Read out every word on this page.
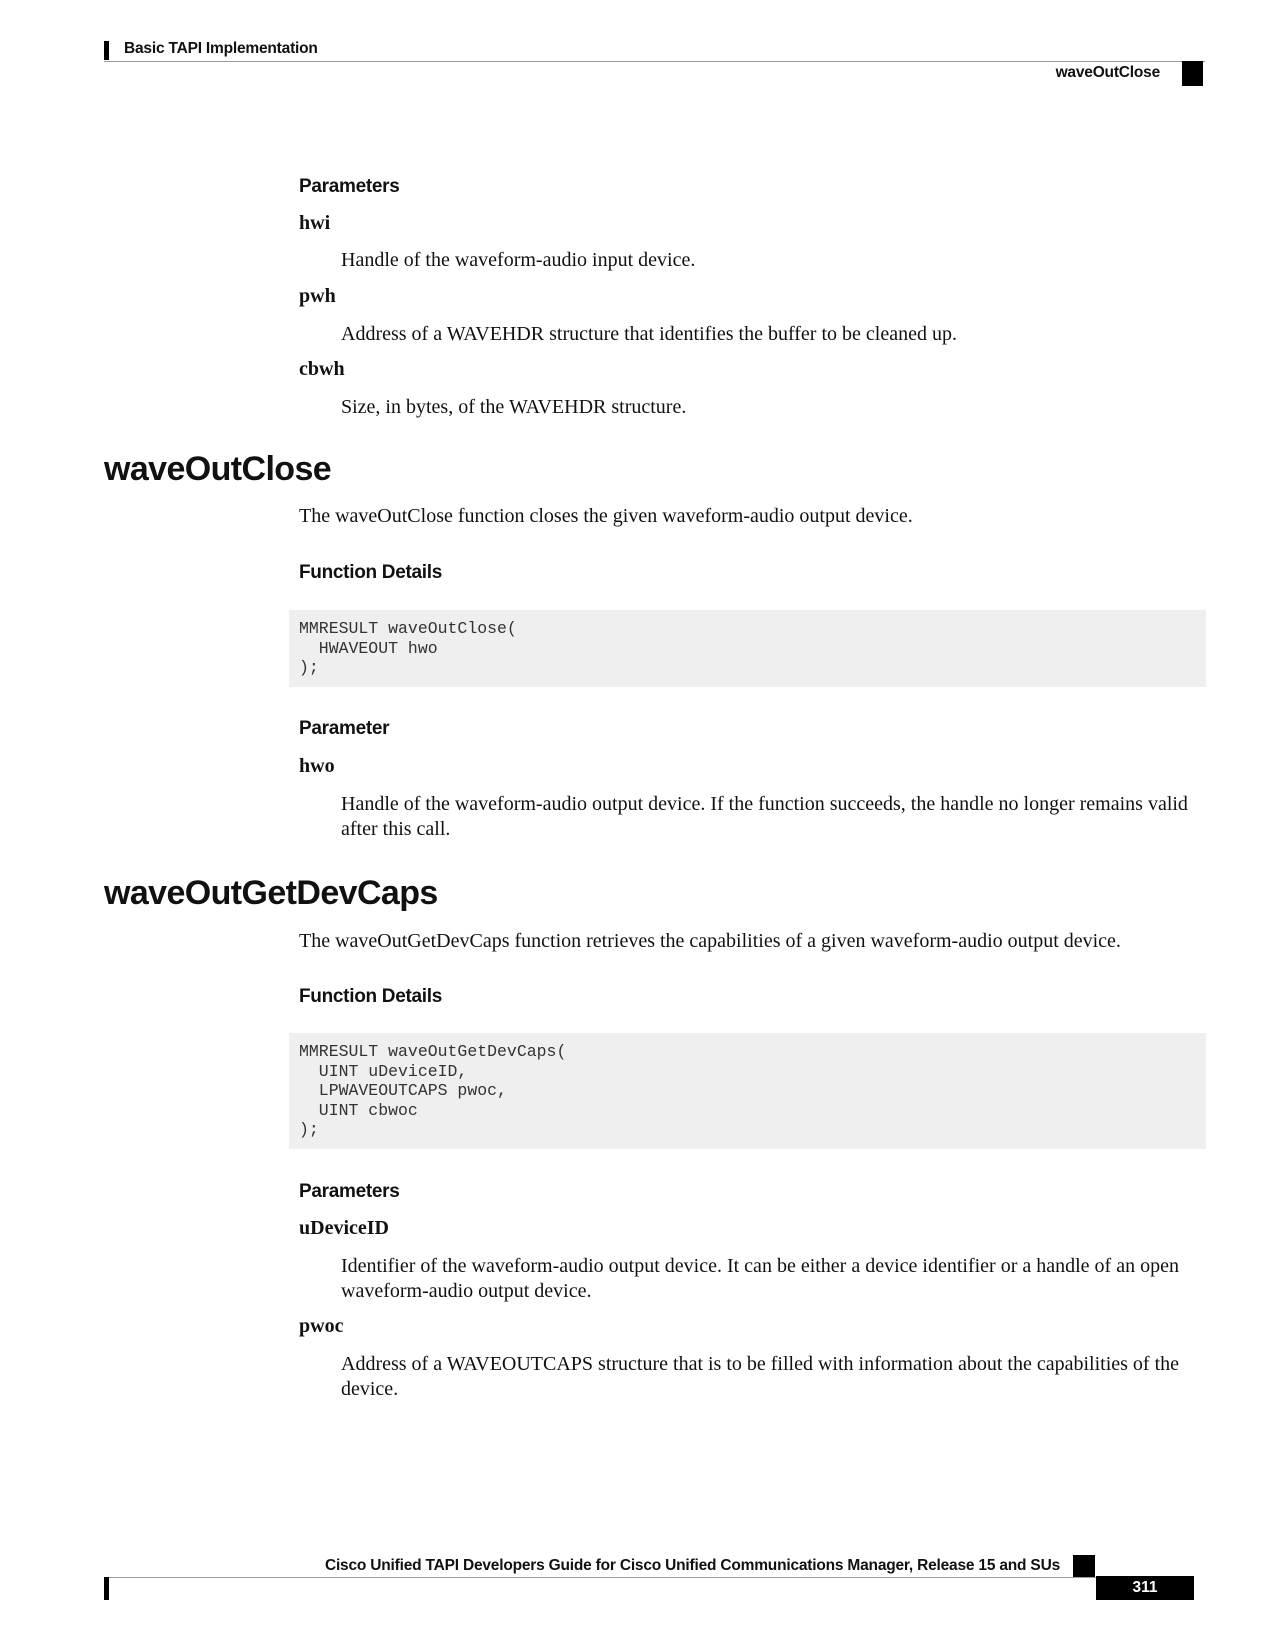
Basic TAPI Implementation
waveOutClose
Parameters
hwi
Handle of the waveform-audio input device.
pwh
Address of a WAVEHDR structure that identifies the buffer to be cleaned up.
cbwh
Size, in bytes, of the WAVEHDR structure.
waveOutClose
The waveOutClose function closes the given waveform-audio output device.
Function Details
MMRESULT waveOutClose(
HWAVEOUT hwo
);
Parameter
hwo
Handle of the waveform-audio output device. If the function succeeds, the handle no longer remains valid after this call.
waveOutGetDevCaps
The waveOutGetDevCaps function retrieves the capabilities of a given waveform-audio output device.
Function Details
MMRESULT waveOutGetDevCaps(
UINT uDeviceID,
LPWAVEOUTCAPS pwoc,
UINT cbwoc
);
Parameters
uDeviceID
Identifier of the waveform-audio output device. It can be either a device identifier or a handle of an open waveform-audio output device.
pwoc
Address of a WAVEOUTCAPS structure that is to be filled with information about the capabilities of the device.
Cisco Unified TAPI Developers Guide for Cisco Unified Communications Manager, Release 15 and SUs
311
